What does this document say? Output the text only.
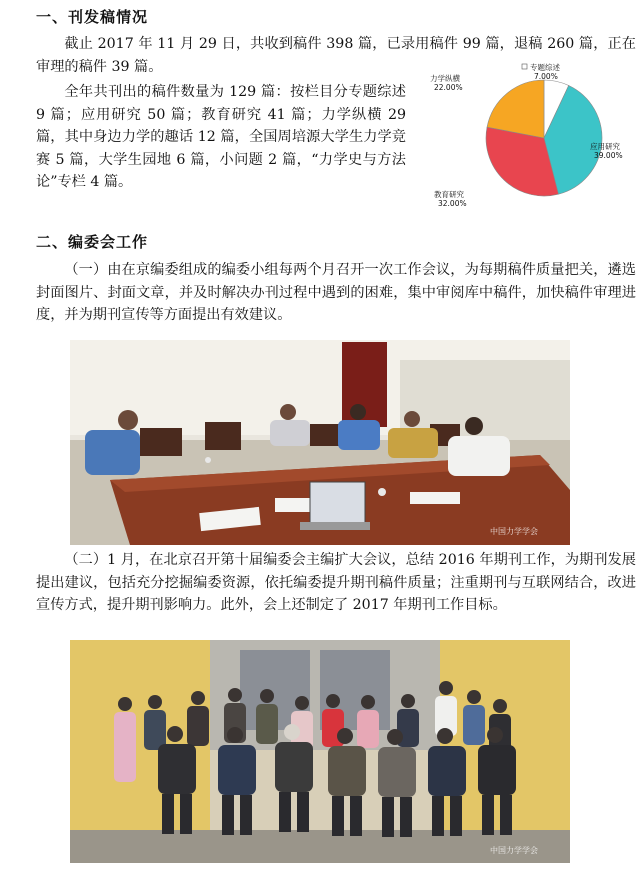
一、刊发稿情况

截止 2017 年 11 月 29 日，共收到稿件 398 篇，已录用稿件 99 篇，退稿 260 篇，正在审理的稿件 39 篇。

全年共刊出的稿件数量为 129 篇：按栏目分专题综述 9 篇；应用研究 50 篇；教育研究 41 篇；力学纵横 29 篇，其中身边力学的趣话 12 篇，全国周培源大学生力学竞赛 5 篇，大学生园地 6 篇，小问题 2 篇，“力学史与方法论”专栏 4 篇。

专题综述
7.00%
应用研究
39.00%
教育研究
32.00%
力学纵横
22.00%
二、编委会工作

（一）由在京编委组成的编委小组每两个月召开一次工作会议，为每期稿件质量把关，遴选封面图片、封面文章，并及时解决办刊过程中遇到的困难，集中审阅库中稿件，加快稿件审理进度，并为期刊宣传等方面提出有效建议。

中国力学学会

（二）1 月，在北京召开第十届编委会主编扩大会议，总结 2016 年期刊工作，为期刊发展提出建议，包括充分挖掘编委资源，依托编委提升期刊稿件质量；注重期刊与互联网结合，改进宣传方式，提升期刊影响力。此外，会上还制定了 2017 年期刊工作目标。

中国力学学会
